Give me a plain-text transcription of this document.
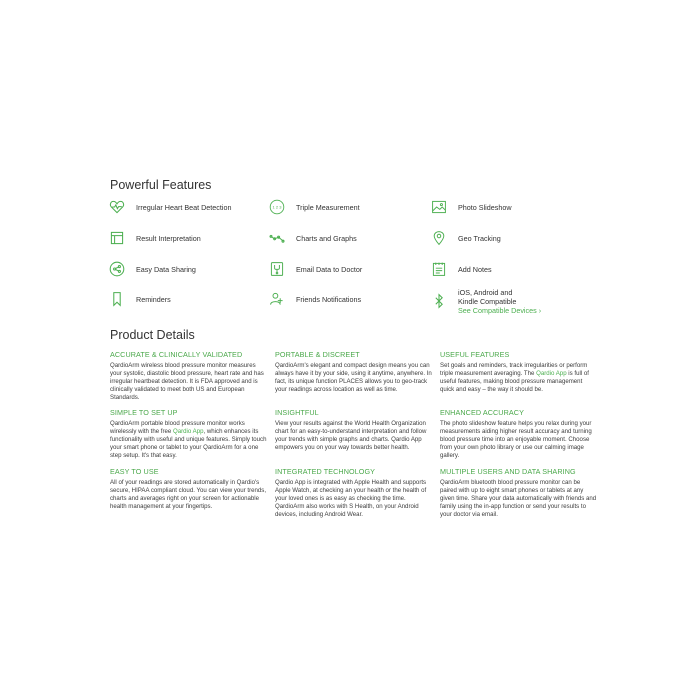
Powerful Features
Irregular Heart Beat Detection
Result Interpretation
Easy Data Sharing
Reminders
1 2 3 Triple Measurement
Charts and Graphs
Email Data to Doctor
Friends Notifications
Photo Slideshow
Geo Tracking
Add Notes
iOS, Android and
Kindle Compatible
See Compatible Devices ›
Product Details
ACCURATE & CLINICALLY VALIDATED
QardioArm wireless blood pressure monitor measures your systolic, diastolic blood pressure, heart rate and has irregular heartbeat detection. It is FDA approved and is clinically validated to meet both US and European Standards.
PORTABLE & DISCREET
QardioArm's elegant and compact design means you can always have it by your side, using it anytime, anywhere. In fact, its unique function PLACES allows you to geo-track your readings across location as well as time.
USEFUL FEATURES
Set goals and reminders, track irregularities or perform triple measurement averaging. The Qardio App is full of useful features, making blood pressure management quick and easy – the way it should be.
SIMPLE TO SET UP
QardioArm portable blood pressure monitor works wirelessly with the free Qardio App, which enhances its functionality with useful and unique features. Simply touch your smart phone or tablet to your QardioArm for a one step setup. It's that easy.
INSIGHTFUL
View your results against the World Health Organization chart for an easy-to-understand interpretation and follow your trends with simple graphs and charts. Qardio App empowers you on your way towards better health.
ENHANCED ACCURACY
The photo slideshow feature helps you relax during your measurements aiding higher result accuracy and turning blood pressure time into an enjoyable moment. Choose from your own photo library or use our calming image gallery.
EASY TO USE
All of your readings are stored automatically in Qardio's secure, HIPAA compliant cloud. You can view your trends, charts and averages right on your screen for actionable health management at your fingertips.
INTEGRATED TECHNOLOGY
Qardio App is integrated with Apple Health and supports Apple Watch, at checking an your health or the health of your loved ones is as easy as checking the time. QardioArm also works with S Health, on your Android devices, including Android Wear.
MULTIPLE USERS AND DATA SHARING
QardioArm bluetooth blood pressure monitor can be paired with up to eight smart phones or tablets at any given time. Share your data automatically with friends and family using the in-app function or send your results to your doctor via email.
